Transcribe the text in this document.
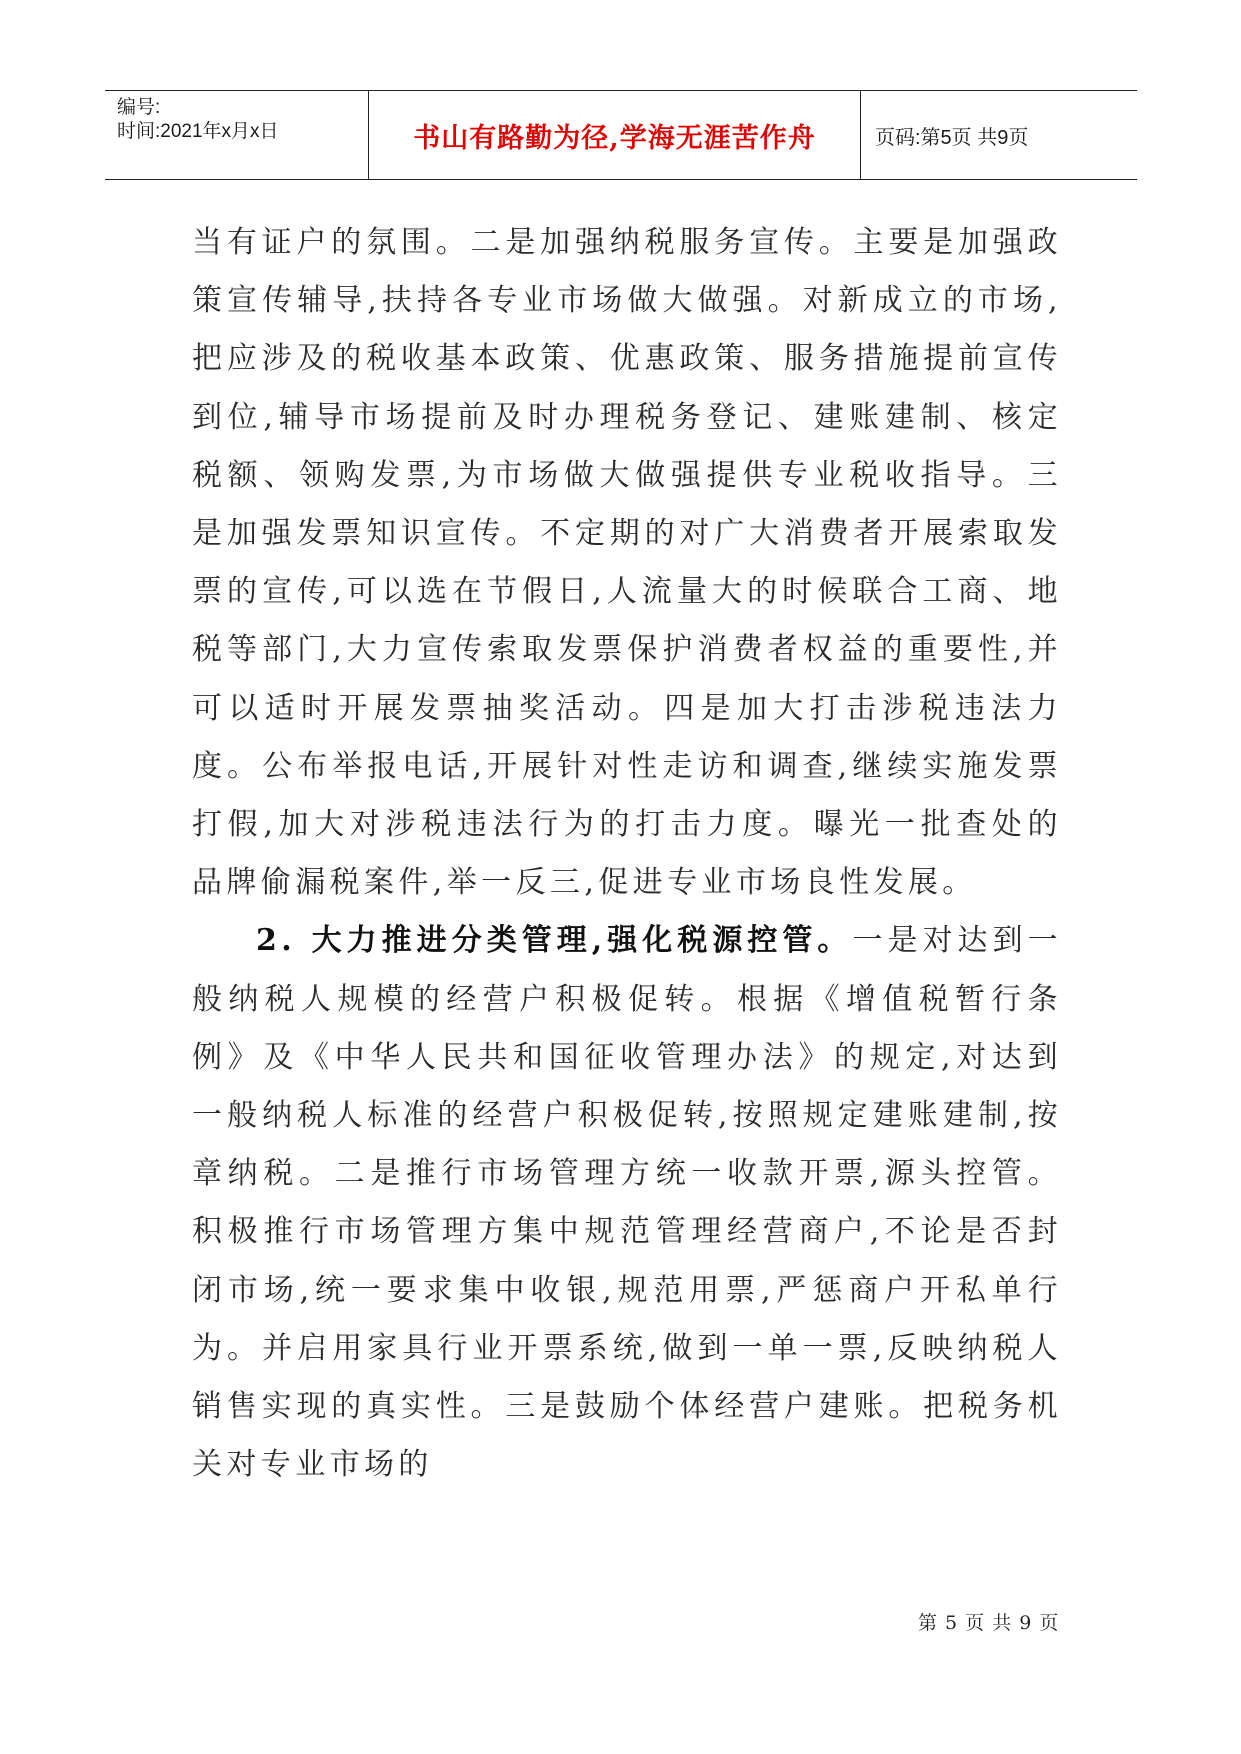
编号:
时间:2021年x月x日	书山有路勤为径,学海无涯苦作舟	页码:第5页 共9页

当有证户的氛围。二是加强纳税服务宣传。主要是加强政策宣传辅导,扶持各专业市场做大做强。对新成立的市场,把应涉及的税收基本政策、优惠政策、服务措施提前宣传到位,辅导市场提前及时办理税务登记、建账建制、核定税额、领购发票,为市场做大做强提供专业税收指导。三是加强发票知识宣传。不定期的对广大消费者开展索取发票的宣传,可以选在节假日,人流量大的时候联合工商、地税等部门,大力宣传索取发票保护消费者权益的重要性,并可以适时开展发票抽奖活动。四是加大打击涉税违法力度。公布举报电话,开展针对性走访和调查,继续实施发票打假,加大对涉税违法行为的打击力度。曝光一批查处的品牌偷漏税案件,举一反三,促进专业市场良性发展。

2. 大力推进分类管理,强化税源控管。一是对达到一般纳税人规模的经营户积极促转。根据《增值税暂行条例》及《中华人民共和国征收管理办法》的规定,对达到一般纳税人标准的经营户积极促转,按照规定建账建制,按章纳税。二是推行市场管理方统一收款开票,源头控管。积极推行市场管理方集中规范管理经营商户,不论是否封闭市场,统一要求集中收银,规范用票,严惩商户开私单行为。并启用家具行业开票系统,做到一单一票,反映纳税人销售实现的真实性。三是鼓励个体经营户建账。把税务机关对专业市场的

第 5 页 共 9 页
